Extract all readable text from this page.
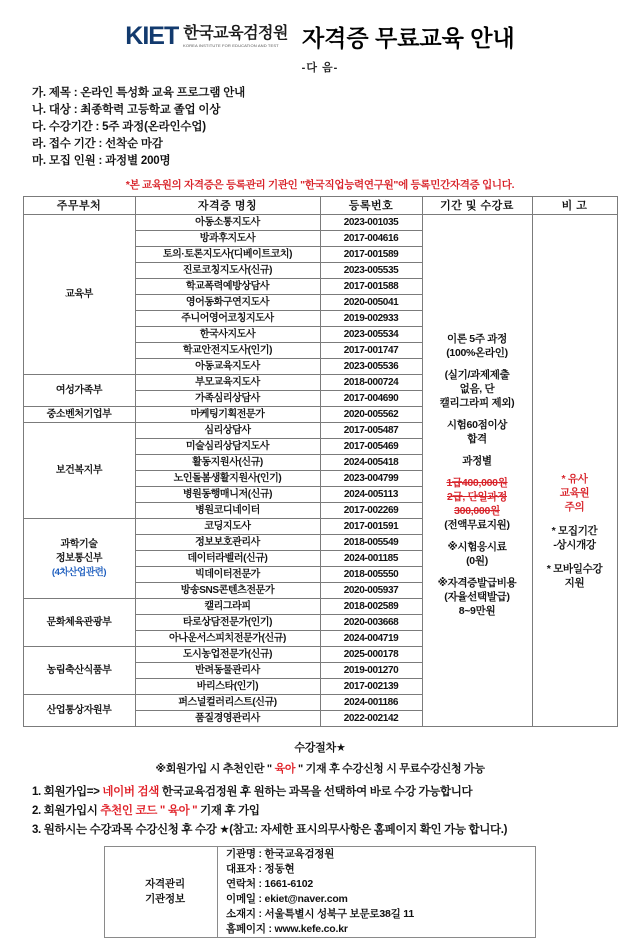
KIET 한국교육검정원
KOREA INSTITUTE FOR EDUCATION AND TEST 자격증 무료교육 안내
-다 음-
가. 제목 : 온라인 특성화 교육 프로그램 안내
나. 대상 : 최종학력 고등학교 졸업 이상
다. 수강기간 : 5주 과정(온라인수업)
라. 접수 기간 : 선착순 마감
마. 모집 인원 : 과정별 200명
*본 교육원의 자격증은 등록관리 기관인 "한국직업능력연구원"에 등록민간자격증 입니다.
주무부처	자격증 명칭	등록번호	기간 및 수강료	비 고

교육부
	아동소통지도사	2023-001035	
이론 5주 과정
(100%온라인)
(실기/과제제출
없음, 단
캘리그라피 제외)
시험60점이상
합격
과정별
1급400,000원
2급, 단일과정
300,000원
(전액무료지원)
※시험응시료
(0원)
※자격증발급비용
(자율선택발급)
8~9만원

* 유사
교육원
주의
* 모집기간
-상시개강
* 모바일수강
지원

	방과후지도사	2017-004616		
	토의·토론지도사(디베이트코치)	2017-001589		
	진로코칭지도사(신규)	2023-005535		
	학교폭력예방상담사	2017-001588		
	영어동화구연지도사	2020-005041		
	주니어영어코칭지도사	2019-002933		
	한국사지도사	2023-005534		
	학교안전지도사(인기)	2017-001747		
	아동교육지도사	2023-005536		

여성가족부	부모교육지도사	2018-000724		
	가족심리상담사	2017-004690		

중소벤처기업부	마케팅기획전문가	2020-005562		

보건복지부	심리상담사	2017-005487		
	미술심리상담지도사	2017-005469		
	활동지원사(신규)	2024-005418		
	노인돌봄생활지원사(인기)	2023-004799		
	병원동행매니저(신규)	2024-005113		
	병원코디네이터	2017-002269		

과학기술
정보통신부
(4차산업관련)	코딩지도사	2017-001591		
	정보보호관리사	2018-005549		
	데이터라벨러(신규)	2024-001185		
	빅데이터전문가	2018-005550		
	방송SNS콘텐츠전문가	2020-005937		

문화체육관광부	캘리그라피	2018-002589		
	타로상담전문가(인기)	2020-003668		
	아나운서스피치전문가(신규)	2024-004719		

농림축산식품부	도시농업전문가(신규)	2025-000178		
	반려동물관리사	2019-001270		
	바리스타(인기)	2017-002139		

산업통상자원부	퍼스널컬러리스트(신규)	2024-001186		
	품질경영관리사	2022-002142		
수강절차★
※회원가입 시 추천인란 " 육아 " 기재 후 수강신청 시 무료수강신청 가능
1. 회원가입=> 네이버 검색 한국교육검정원 후 원하는 과목을 선택하여 바로 수강 가능합니다
2. 회원가입시 추천인 코드 " 육아 " 기재 후 가입
3. 원하시는 수강과목 수강신청 후 수강 ★(참고: 자세한 표시의무사항은 홈페이지 확인 가능 합니다.)
자격관리
기관정보

기관명 : 한국교육검정원
대표자 : 정동현
연락처 : 1661-6102
이메일 : ekiet@naver.com
소재지 : 서울특별시 성북구 보문로38길 11
홈페이지 : www.kefe.co.kr
